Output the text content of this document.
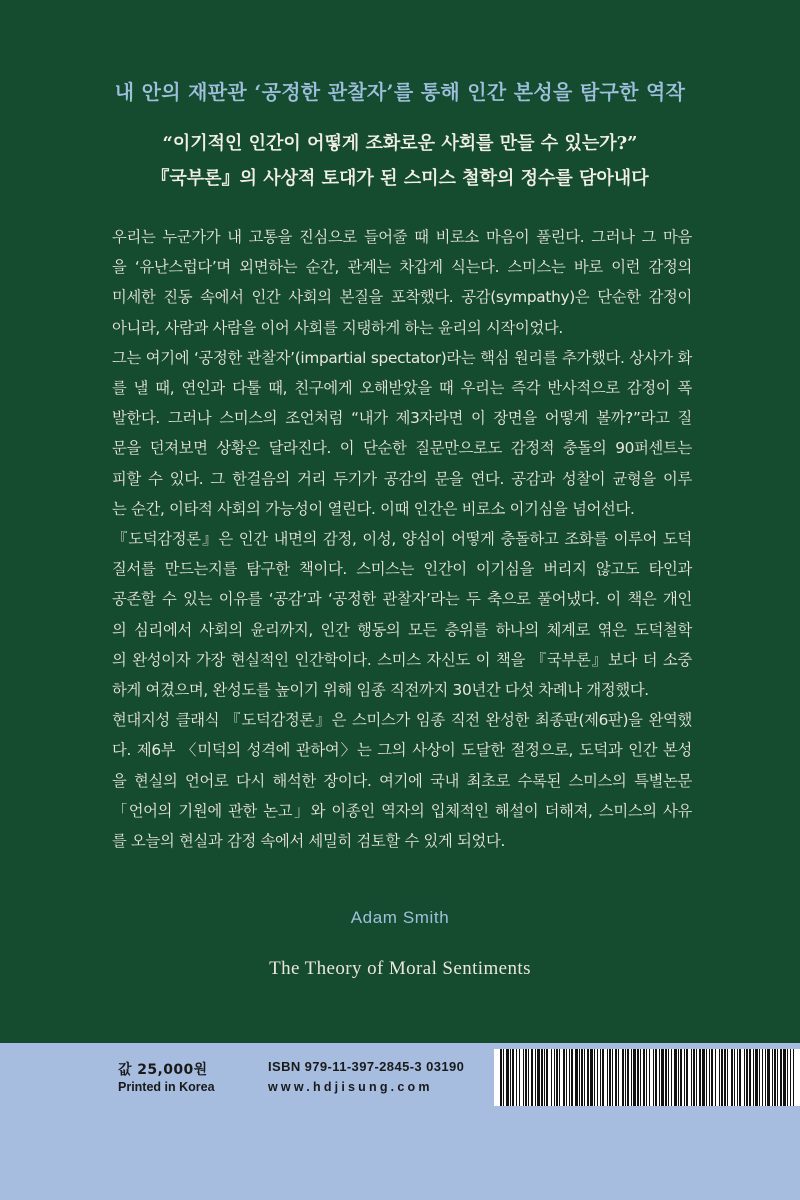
내 안의 재판관 ‘공정한 관찰자’를 통해 인간 본성을 탐구한 역작
“이기적인 인간이 어떻게 조화로운 사회를 만들 수 있는가?”
『국부론』의 사상적 토대가 된 스미스 철학의 정수를 담아내다
우리는 누군가가 내 고통을 진심으로 들어줄 때 비로소 마음이 풀린다. 그러나 그 마음
을 ‘유난스럽다’며 외면하는 순간, 관계는 차갑게 식는다. 스미스는 바로 이런 감정의
미세한 진동 속에서 인간 사회의 본질을 포착했다. 공감(sympathy)은 단순한 감정이
아니라, 사람과 사람을 이어 사회를 지탱하게 하는 윤리의 시작이었다.
그는 여기에 ‘공정한 관찰자’(impartial spectator)라는 핵심 원리를 추가했다. 상사가 화
를 낼 때, 연인과 다툴 때, 친구에게 오해받았을 때 우리는 즉각 반사적으로 감정이 폭
발한다. 그러나 스미스의 조언처럼 “내가 제3자라면 이 장면을 어떻게 볼까?”라고 질
문을 던져보면 상황은 달라진다. 이 단순한 질문만으로도 감정적 충돌의 90퍼센트는
피할 수 있다. 그 한걸음의 거리 두기가 공감의 문을 연다. 공감과 성찰이 균형을 이루
는 순간, 이타적 사회의 가능성이 열린다. 이때 인간은 비로소 이기심을 넘어선다.
『도덕감정론』은 인간 내면의 감정, 이성, 양심이 어떻게 충돌하고 조화를 이루어 도덕
질서를 만드는지를 탐구한 책이다. 스미스는 인간이 이기심을 버리지 않고도 타인과
공존할 수 있는 이유를 ‘공감’과 ‘공정한 관찰자’라는 두 축으로 풀어냈다. 이 책은 개인
의 심리에서 사회의 윤리까지, 인간 행동의 모든 층위를 하나의 체계로 엮은 도덕철학
의 완성이자 가장 현실적인 인간학이다. 스미스 자신도 이 책을 『국부론』보다 더 소중
하게 여겼으며, 완성도를 높이기 위해 임종 직전까지 30년간 다섯 차례나 개정했다.
현대지성 클래식 『도덕감정론』은 스미스가 임종 직전 완성한 최종판(제6판)을 완역했
다. 제6부 〈미덕의 성격에 관하여〉는 그의 사상이 도달한 절정으로, 도덕과 인간 본성
을 현실의 언어로 다시 해석한 장이다. 여기에 국내 최초로 수록된 스미스의 특별논문
「언어의 기원에 관한 논고」와 이종인 역자의 입체적인 해설이 더해져, 스미스의 사유
를 오늘의 현실과 감정 속에서 세밀히 검토할 수 있게 되었다.
Adam Smith
The Theory of Moral Sentiments
값 25,000원
Printed in Korea
ISBN 979-11-397-2845-3 03190
www.hdjisung.com
